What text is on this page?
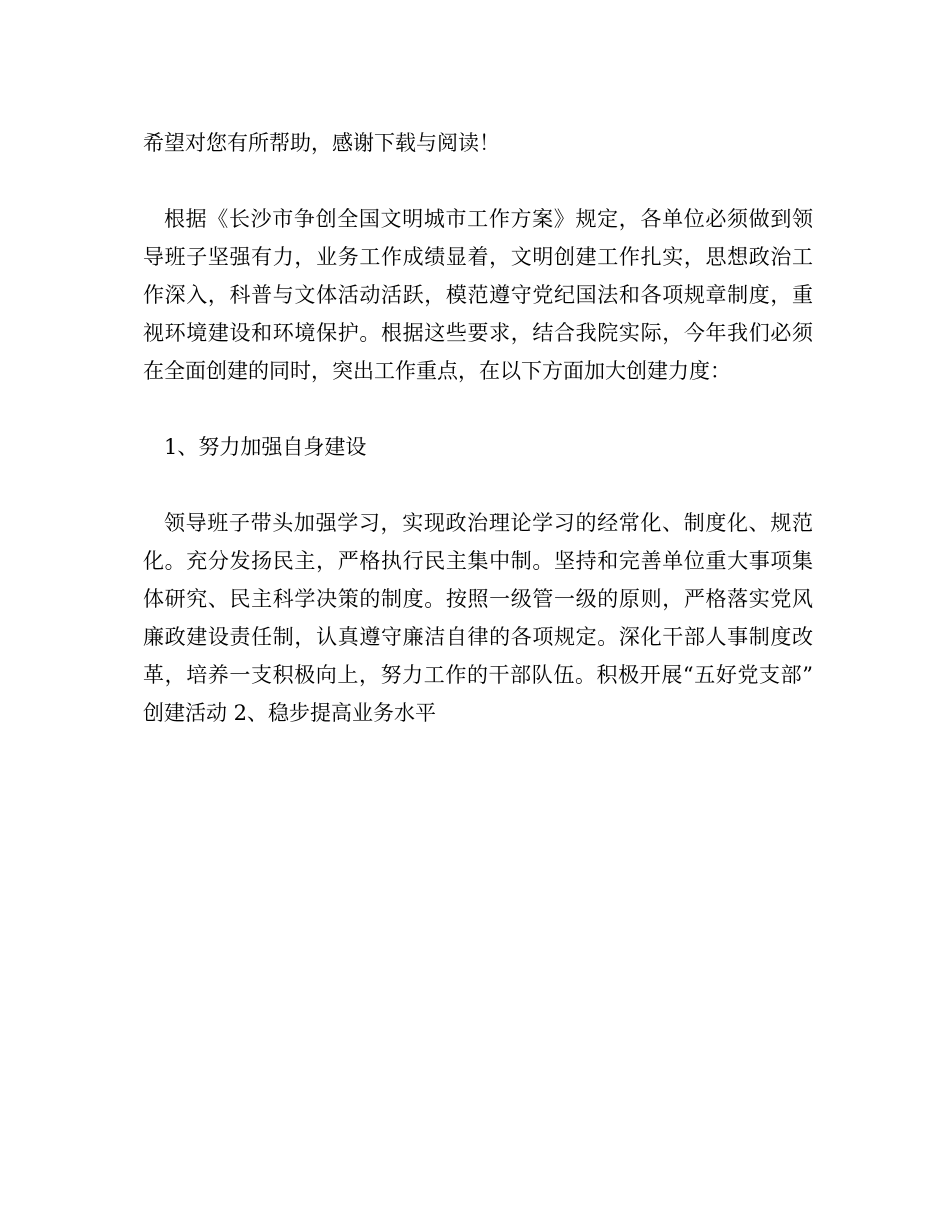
希望对您有所帮助，感谢下载与阅读！

根据《长沙市争创全国文明城市工作方案》规定，各单位必须做到领导班子坚强有力，业务工作成绩显着，文明创建工作扎实，思想政治工作深入，科普与文体活动活跃，模范遵守党纪国法和各项规章制度，重视环境建设和环境保护。根据这些要求，结合我院实际，今年我们必须在全面创建的同时，突出工作重点，在以下方面加大创建力度：

1、努力加强自身建设

领导班子带头加强学习，实现政治理论学习的经常化、制度化、规范化。充分发扬民主，严格执行民主集中制。坚持和完善单位重大事项集体研究、民主科学决策的制度。按照一级管一级的原则，严格落实党风廉政建设责任制，认真遵守廉洁自律的各项规定。深化干部人事制度改革，培养一支积极向上，努力工作的干部队伍。积极开展“五好党支部”创建活动 2、稳步提高业务水平
